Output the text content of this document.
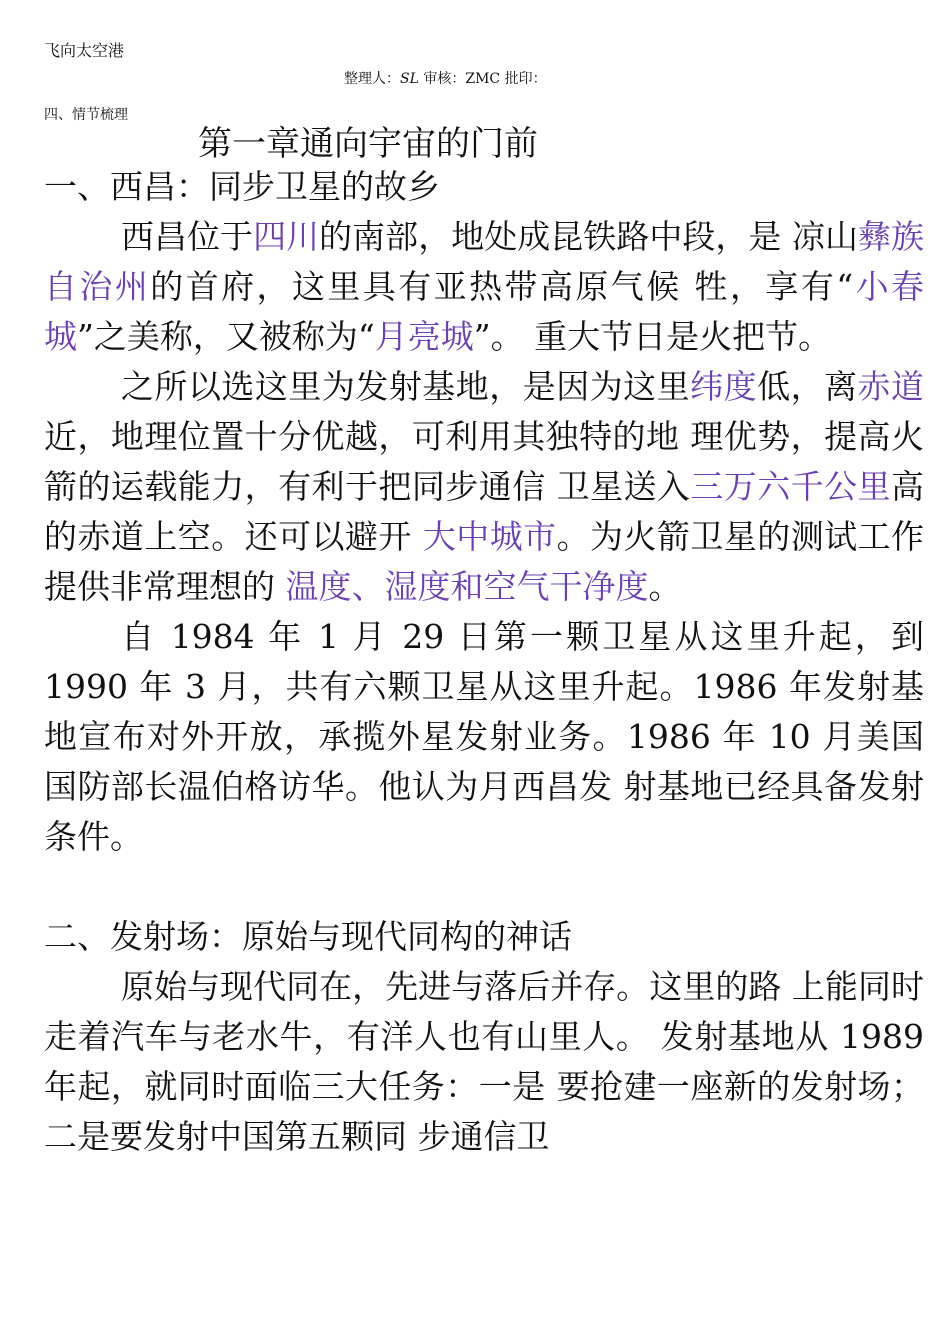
飞向太空港
整理人：SL 审核：ZMC 批印：
四、情节梳理
第一章通向宇宙的门前
一、西昌：同步卫星的故乡

西昌位于四川的南部，地处成昆铁路中段，是 凉山彝族自治州的首府，这里具有亚热带高原气候 牲，享有“小春城”之美称，又被称为“月亮城”。 重大节日是火把节。

之所以选这里为发射基地，是因为这里纬度低，离赤道近，地理位置十分优越，可利用其独特的地 理优势，提高火箭的运载能力，有利于把同步通信 卫星送入三万六千公里高的赤道上空。还可以避开 大中城市。为火箭卫星的测试工作提供非常理想的 温度、湿度和空气干净度。

自 1984 年 1 月 29 日第一颗卫星从这里升起，到 1990 年 3 月，共有六颗卫星从这里升起。1986 年发射基地宣布对外开放，承揽外星发射业务。1986 年 10 月美国国防部长温伯格访华。他认为月西昌发 射基地已经具备发射条件。

二、发射场：原始与现代同构的神话

原始与现代同在，先进与落后并存。这里的路 上能同时走着汽车与老水牛，有洋人也有山里人。 发射基地从 1989 年起，就同时面临三大任务：一是 要抢建一座新的发射场；二是要发射中国第五颗同 步通信卫
